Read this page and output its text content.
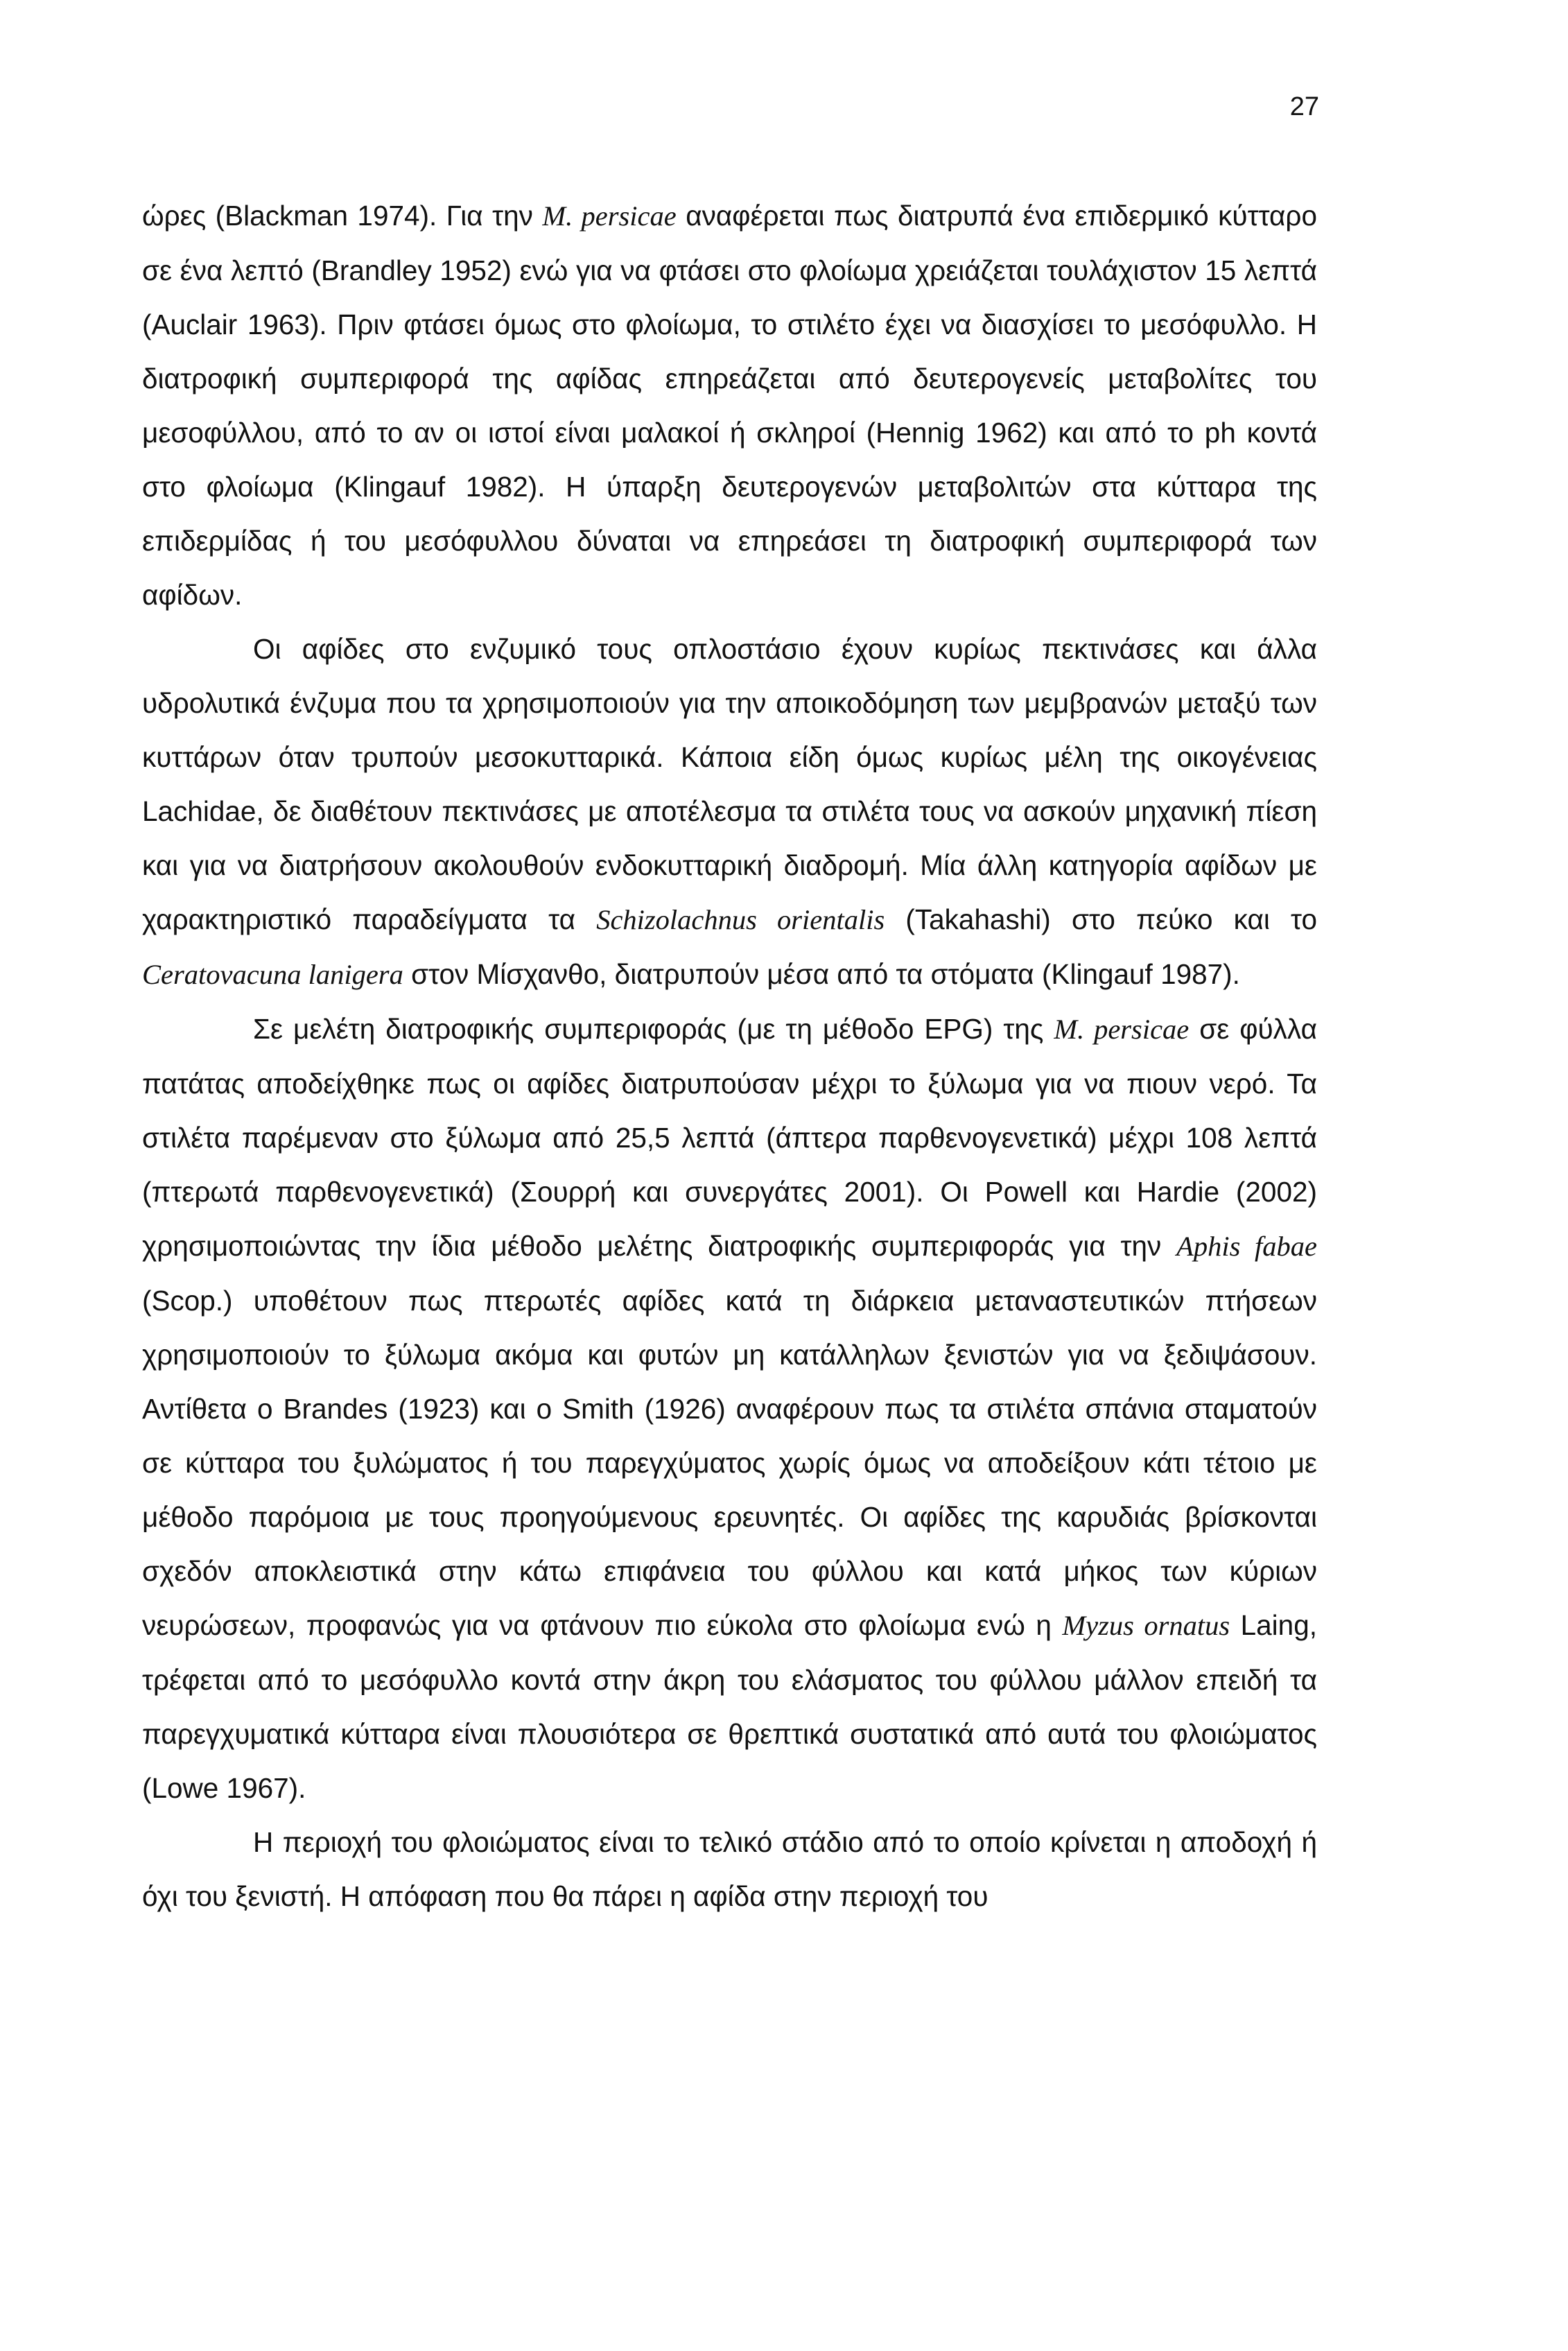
27

ώρες (Blackman 1974). Για την M. persicae αναφέρεται πως διατρυπά ένα επιδερμικό κύτταρο σε ένα λεπτό (Brandley 1952) ενώ για να φτάσει στο φλοίωμα χρειάζεται τουλάχιστον 15 λεπτά (Auclair 1963). Πριν φτάσει όμως στο φλοίωμα, το στιλέτο έχει να διασχίσει το μεσόφυλλο. Η διατροφική συμπεριφορά της αφίδας επηρεάζεται από δευτερογενείς μεταβολίτες του μεσοφύλλου, από το αν οι ιστοί είναι μαλακοί ή σκληροί (Hennig 1962) και από το ph κοντά στο φλοίωμα (Klingauf 1982). Η ύπαρξη δευτερογενών μεταβολιτών στα κύτταρα της επιδερμίδας ή του μεσόφυλλου δύναται να επηρεάσει τη διατροφική συμπεριφορά των αφίδων.

Οι αφίδες στο ενζυμικό τους οπλοστάσιο έχουν κυρίως πεκτινάσες και άλλα υδρολυτικά ένζυμα που τα χρησιμοποιούν για την αποικοδόμηση των μεμβρανών μεταξύ των κυττάρων όταν τρυπούν μεσοκυτταρικά. Κάποια είδη όμως κυρίως μέλη της οικογένειας Lachidae, δε διαθέτουν πεκτινάσες με αποτέλεσμα τα στιλέτα τους να ασκούν μηχανική πίεση και για να διατρήσουν ακολουθούν ενδοκυτταρική διαδρομή. Μία άλλη κατηγορία αφίδων με χαρακτηριστικό παραδείγματα τα Schizolachnus orientalis (Takahashi) στο πεύκο και το Ceratovacuna lanigera στον Μίσχανθο, διατρυπούν μέσα από τα στόματα (Klingauf 1987).

Σε μελέτη διατροφικής συμπεριφοράς (με τη μέθοδο EPG) της M. persicae σε φύλλα πατάτας αποδείχθηκε πως οι αφίδες διατρυπούσαν μέχρι το ξύλωμα για να πιουν νερό. Τα στιλέτα παρέμεναν στο ξύλωμα από 25,5 λεπτά (άπτερα παρθενογενετικά) μέχρι 108 λεπτά (πτερωτά παρθενογενετικά) (Σουρρή και συνεργάτες 2001). Οι Powell και Hardie (2002) χρησιμοποιώντας την ίδια μέθοδο μελέτης διατροφικής συμπεριφοράς για την Aphis fabae (Scop.) υποθέτουν πως πτερωτές αφίδες κατά τη διάρκεια μεταναστευτικών πτήσεων χρησιμοποιούν το ξύλωμα ακόμα και φυτών μη κατάλληλων ξενιστών για να ξεδιψάσουν. Αντίθετα ο Brandes (1923) και ο Smith (1926) αναφέρουν πως τα στιλέτα σπάνια σταματούν σε κύτταρα του ξυλώματος ή του παρεγχύματος χωρίς όμως να αποδείξουν κάτι τέτοιο με μέθοδο παρόμοια με τους προηγούμενους ερευνητές. Οι αφίδες της καρυδιάς βρίσκονται σχεδόν αποκλειστικά στην κάτω επιφάνεια του φύλλου και κατά μήκος των κύριων νευρώσεων, προφανώς για να φτάνουν πιο εύκολα στο φλοίωμα ενώ η Myzus ornatus Laing, τρέφεται από το μεσόφυλλο κοντά στην άκρη του ελάσματος του φύλλου μάλλον επειδή τα παρεγχυματικά κύτταρα είναι πλουσιότερα σε θρεπτικά συστατικά από αυτά του φλοιώματος (Lowe 1967).

Η περιοχή του φλοιώματος είναι το τελικό στάδιο από το οποίο κρίνεται η αποδοχή ή όχι του ξενιστή. Η απόφαση που θα πάρει η αφίδα στην περιοχή του
